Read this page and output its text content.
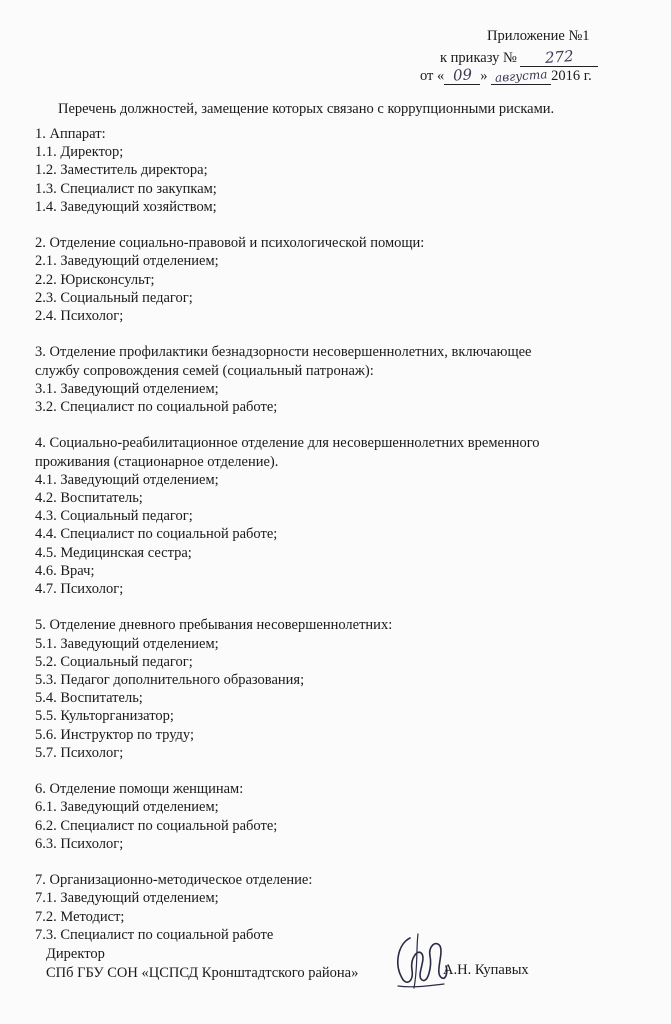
Приложение №1
к приказу № 272
от « 09 » августа 2016 г.
Перечень должностей, замещение которых связано с коррупционными рисками.
1. Аппарат:
1.1. Директор;
1.2. Заместитель директора;
1.3. Специалист по закупкам;
1.4. Заведующий хозяйством;
2. Отделение социально-правовой и психологической помощи:
2.1. Заведующий отделением;
2.2. Юрисконсульт;
2.3. Социальный педагог;
2.4. Психолог;
3. Отделение профилактики безнадзорности несовершеннолетних, включающее
службу сопровождения семей (социальный патронаж):
3.1. Заведующий отделением;
3.2. Специалист по социальной работе;
4. Социально-реабилитационное отделение для несовершеннолетних временного
проживания (стационарное отделение).
4.1. Заведующий отделением;
4.2. Воспитатель;
4.3. Социальный педагог;
4.4. Специалист по социальной работе;
4.5. Медицинская сестра;
4.6. Врач;
4.7. Психолог;
5. Отделение дневного пребывания несовершеннолетних:
5.1. Заведующий отделением;
5.2. Социальный педагог;
5.3. Педагог дополнительного образования;
5.4. Воспитатель;
5.5. Культорганизатор;
5.6. Инструктор по труду;
5.7. Психолог;
6. Отделение помощи женщинам:
6.1. Заведующий отделением;
6.2. Специалист по социальной работе;
6.3. Психолог;
7. Организационно-методическое отделение:
7.1. Заведующий отделением;
7.2. Методист;
7.3. Специалист по социальной работе
Директор
СПб ГБУ СОН «ЦСПСД Кронштадтского района»	А.Н. Купавых
